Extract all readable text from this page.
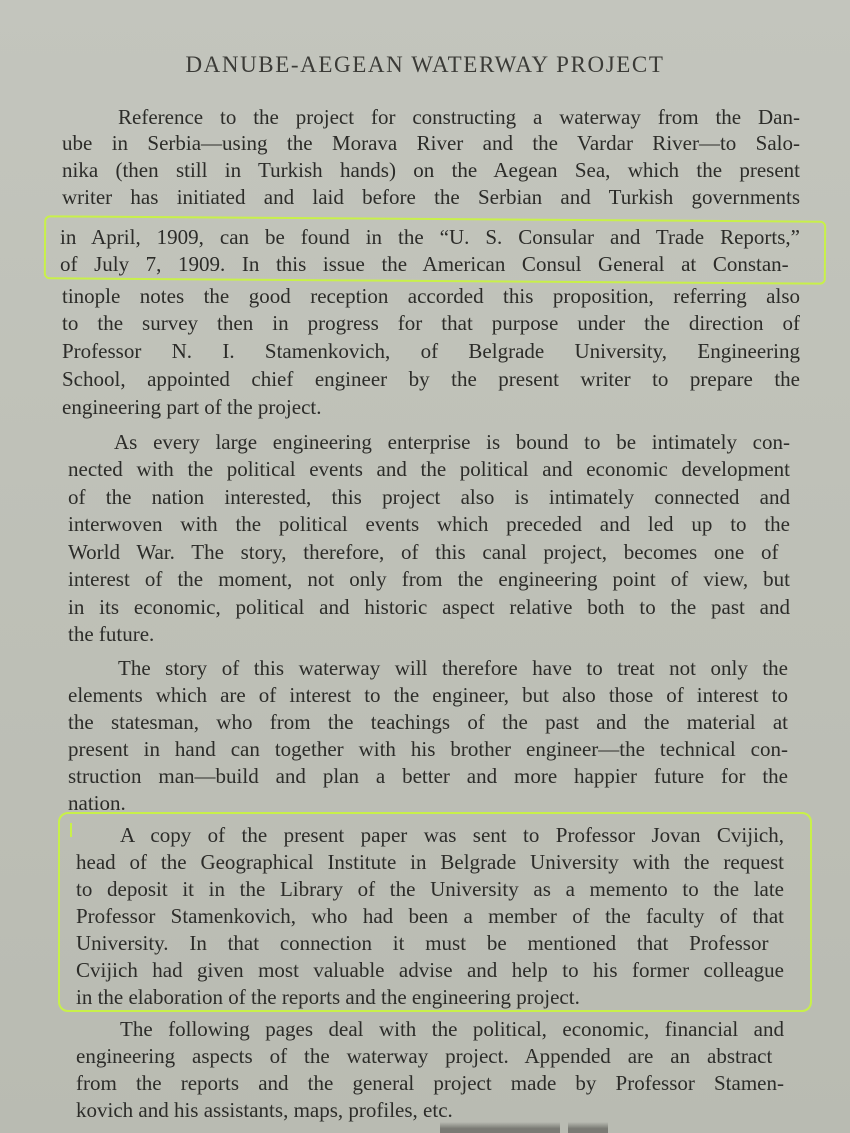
DANUBE-AEGEAN WATERWAY PROJECT
Reference to the project for constructing a waterway from the Dan-
ube in Serbia—using the Morava River and the Vardar River—to Salo-
nika (then still in Turkish hands) on the Aegean Sea, which the present
writer has initiated and laid before the Serbian and Turkish governments
in April, 1909, can be found in the “U. S. Consular and Trade Reports,”
of July 7, 1909. In this issue the American Consul General at Constan-
tinople notes the good reception accorded this proposition, referring also
to the survey then in progress for that purpose under the direction of
Professor N. I. Stamenkovich, of Belgrade University, Engineering
School, appointed chief engineer by the present writer to prepare the
engineering part of the project.
As every large engineering enterprise is bound to be intimately con-
nected with the political events and the political and economic development
of the nation interested, this project also is intimately connected and
interwoven with the political events which preceded and led up to the
World War. The story, therefore, of this canal project, becomes one of
interest of the moment, not only from the engineering point of view, but
in its economic, political and historic aspect relative both to the past and
the future.
The story of this waterway will therefore have to treat not only the
elements which are of interest to the engineer, but also those of interest to
the statesman, who from the teachings of the past and the material at
present in hand can together with his brother engineer—the technical con-
struction man—build and plan a better and more happier future for the
nation.
A copy of the present paper was sent to Professor Jovan Cvijich,
head of the Geographical Institute in Belgrade University with the request
to deposit it in the Library of the University as a memento to the late
Professor Stamenkovich, who had been a member of the faculty of that
University. In that connection it must be mentioned that Professor
Cvijich had given most valuable advise and help to his former colleague
in the elaboration of the reports and the engineering project.
The following pages deal with the political, economic, financial and
engineering aspects of the waterway project. Appended are an abstract
from the reports and the general project made by Professor Stamen-
kovich and his assistants, maps, profiles, etc.
